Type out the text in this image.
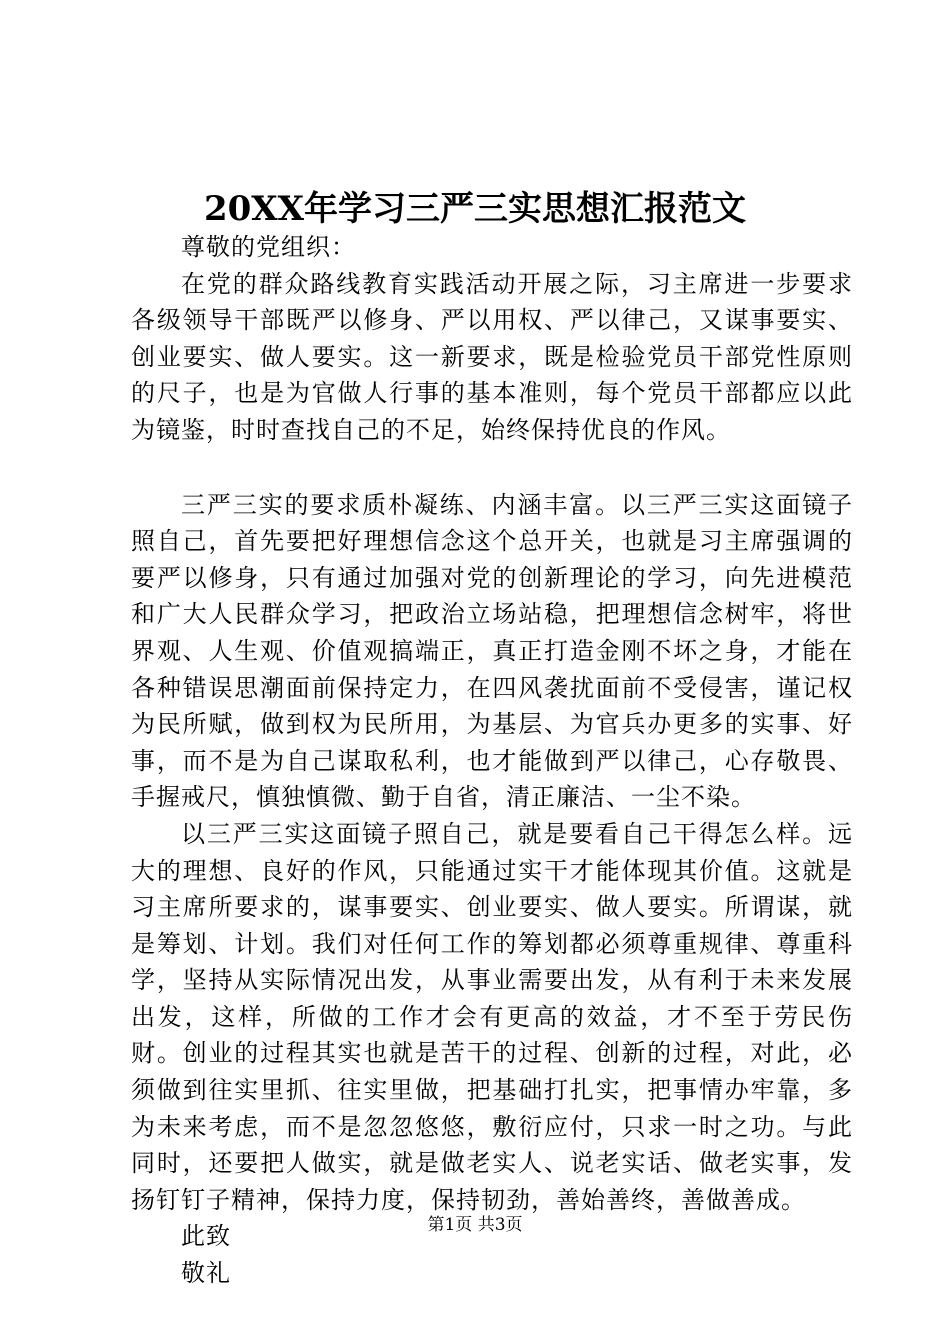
20XX年学习三严三实思想汇报范文

尊敬的党组织：

在党的群众路线教育实践活动开展之际，习主席进一步要求各级领导干部既严以修身、严以用权、严以律己，又谋事要实、创业要实、做人要实。这一新要求，既是检验党员干部党性原则的尺子，也是为官做人行事的基本准则，每个党员干部都应以此为镜鉴，时时查找自己的不足，始终保持优良的作风。

三严三实的要求质朴凝练、内涵丰富。以三严三实这面镜子照自己，首先要把好理想信念这个总开关，也就是习主席强调的要严以修身，只有通过加强对党的创新理论的学习，向先进模范和广大人民群众学习，把政治立场站稳，把理想信念树牢，将世界观、人生观、价值观搞端正，真正打造金刚不坏之身，才能在各种错误思潮面前保持定力，在四风袭扰面前不受侵害，谨记权为民所赋，做到权为民所用，为基层、为官兵办更多的实事、好事，而不是为自己谋取私利，也才能做到严以律己，心存敬畏、手握戒尺，慎独慎微、勤于自省，清正廉洁、一尘不染。

以三严三实这面镜子照自己，就是要看自己干得怎么样。远大的理想、良好的作风，只能通过实干才能体现其价值。这就是习主席所要求的，谋事要实、创业要实、做人要实。所谓谋，就是筹划、计划。我们对任何工作的筹划都必须尊重规律、尊重科学，坚持从实际情况出发，从事业需要出发，从有利于未来发展出发，这样，所做的工作才会有更高的效益，才不至于劳民伤财。创业的过程其实也就是苦干的过程、创新的过程，对此，必须做到往实里抓、往实里做，把基础打扎实，把事情办牢靠，多为未来考虑，而不是忽忽悠悠，敷衍应付，只求一时之功。与此同时，还要把人做实，就是做老实人、说老实话、做老实事，发扬钉钉子精神，保持力度，保持韧劲，善始善终，善做善成。

此致

敬礼

第1页 共3页
